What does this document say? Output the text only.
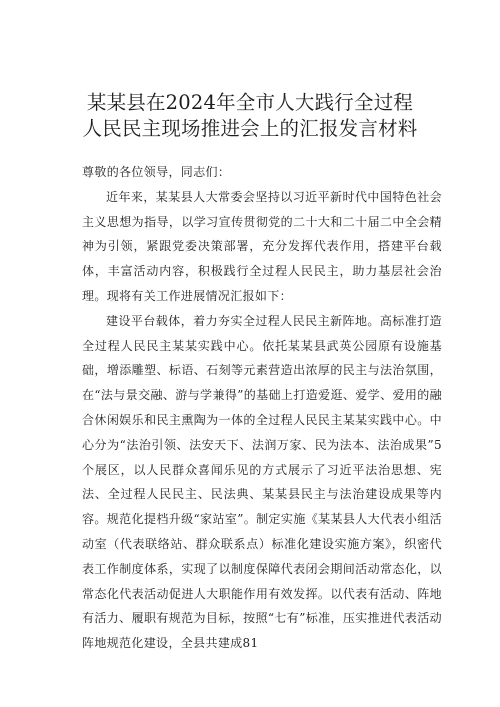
某某县在2024年全市人大践行全过程
人民民主现场推进会上的汇报发言材料

尊敬的各位领导，同志们：

近年来，某某县人大常委会坚持以习近平新时代中国特色社会主义思想为指导，以学习宣传贯彻党的二十大和二十届二中全会精神为引领，紧跟党委决策部署，充分发挥代表作用，搭建平台载体，丰富活动内容，积极践行全过程人民民主，助力基层社会治理。现将有关工作进展情况汇报如下：

建设平台载体，着力夯实全过程人民民主新阵地。高标准打造全过程人民民主某某实践中心。依托某某县武英公园原有设施基础，增添雕塑、标语、石刻等元素营造出浓厚的民主与法治氛围，在“法与景交融、游与学兼得”的基础上打造爱逛、爱学、爱用的融合休闲娱乐和民主熏陶为一体的全过程人民民主某某实践中心。中心分为“法治引领、法安天下、法润万家、民为法本、法治成果”5个展区，以人民群众喜闻乐见的方式展示了习近平法治思想、宪法、全过程人民民主、民法典、某某县民主与法治建设成果等内容。规范化提档升级“家站室”。制定实施《某某县人大代表小组活动室（代表联络站、群众联系点）标准化建设实施方案》，织密代表工作制度体系，实现了以制度保障代表闭会期间活动常态化，以常态化代表活动促进人大职能作用有效发挥。以代表有活动、阵地有活力、履职有规范为目标，按照“七有”标准，压实推进代表活动阵地规范化建设，全县共建成81
